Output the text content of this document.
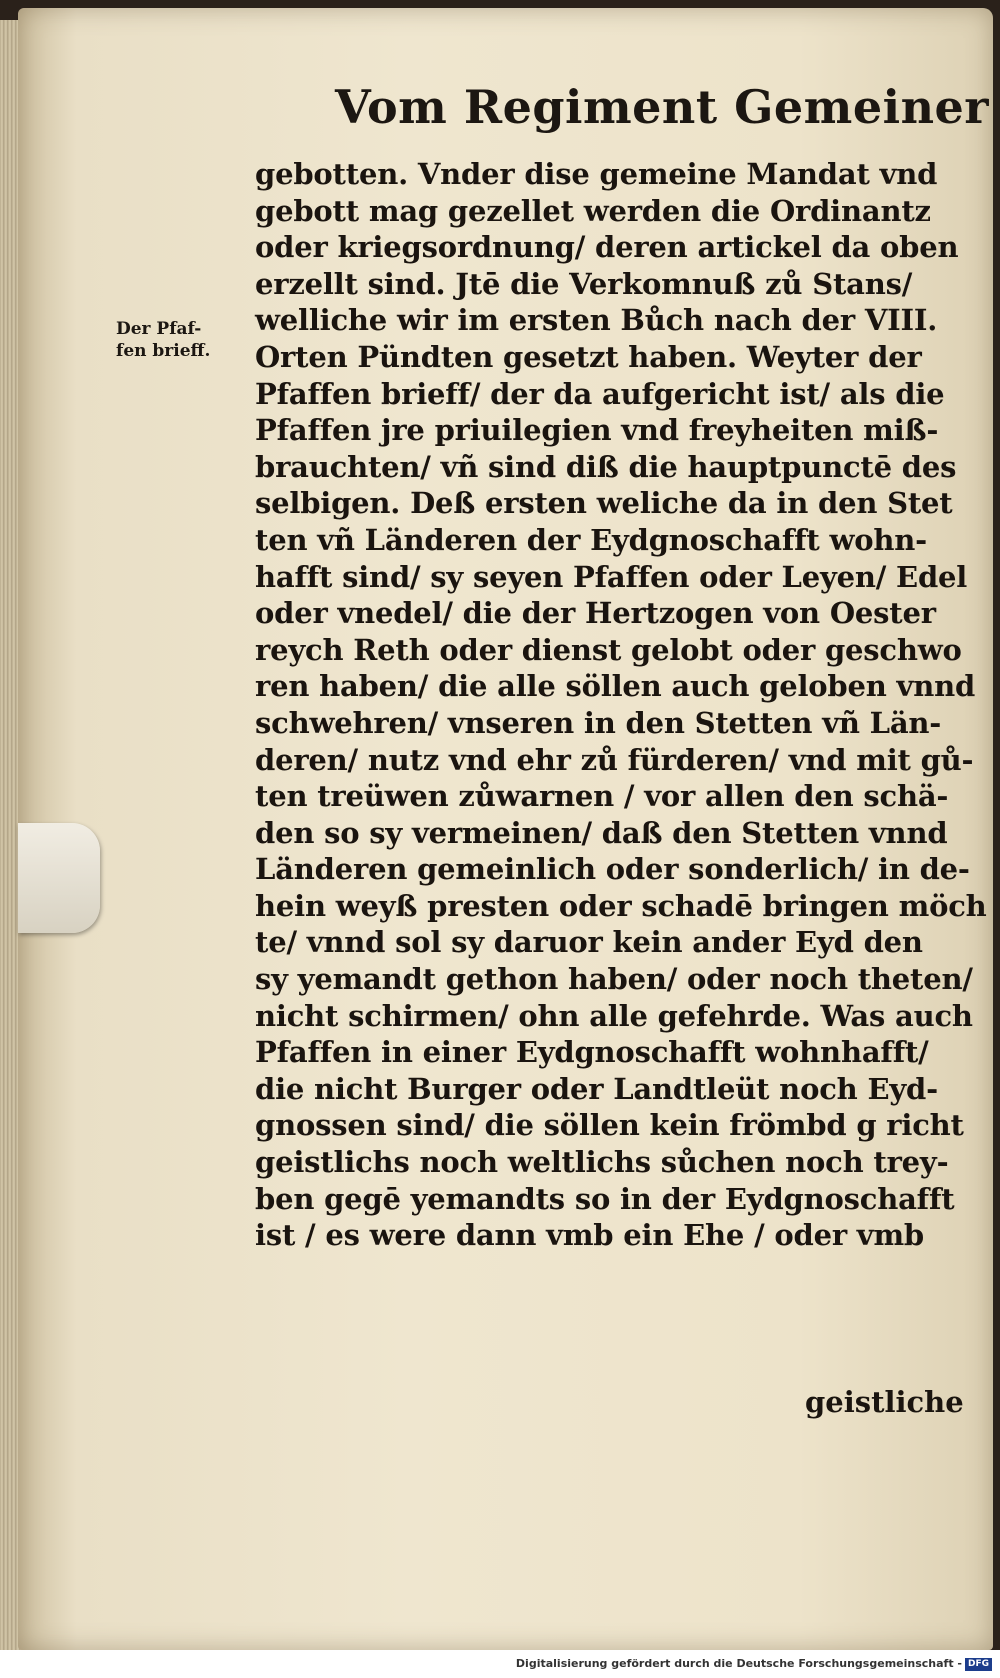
Vom Regiment Gemeiner
Der Pfaf-
fen brieff.
gebotten. Vnder dise gemeine Mandat vnd
gebott mag gezellet werden die Ordinantz
oder kriegsordnung/ deren artickel da oben
erzellt sind. Jtē die Verkomnuß zů Stans/
welliche wir im ersten Bůch nach der VIII.
Orten Pündten gesetzt haben. Weyter der
Pfaffen brieff/ der da aufgericht ist/ als die
Pfaffen jre priuilegien vnd freyheiten miß-
brauchten/ vñ sind diß die hauptpunctē des
selbigen. Deß ersten weliche da in den Stet
ten vñ Länderen der Eydgnoschafft wohn-
hafft sind/ sy seyen Pfaffen oder Leyen/ Edel
oder vnedel/ die der Hertzogen von Oester
reych Reth oder dienst gelobt oder geschwo
ren haben/ die alle söllen auch geloben vnnd
schwehren/ vnseren in den Stetten vñ Län-
deren/ nutz vnd ehr zů fürderen/ vnd mit gů-
ten treüwen zůwarnen / vor allen den schä-
den so sy vermeinen/ daß den Stetten vnnd
Länderen gemeinlich oder sonderlich/ in de-
hein weyß presten oder schadē bringen möch
te/ vnnd sol sy daruor kein ander Eyd den
sy yemandt gethon haben/ oder noch theten/
nicht schirmen/ ohn alle gefehrde. Was auch
Pfaffen in einer Eydgnoschafft wohnhafft/
die nicht Burger oder Landtleüt noch Eyd-
gnossen sind/ die söllen kein frömbd g richt
geistlichs noch weltlichs sůchen noch trey-
ben gegē yemandts so in der Eydgnoschafft
ist / es were dann vmb ein Ehe / oder vmb
geistliche
Digitalisierung gefördert durch die Deutsche Forschungsgemeinschaft - DFG
